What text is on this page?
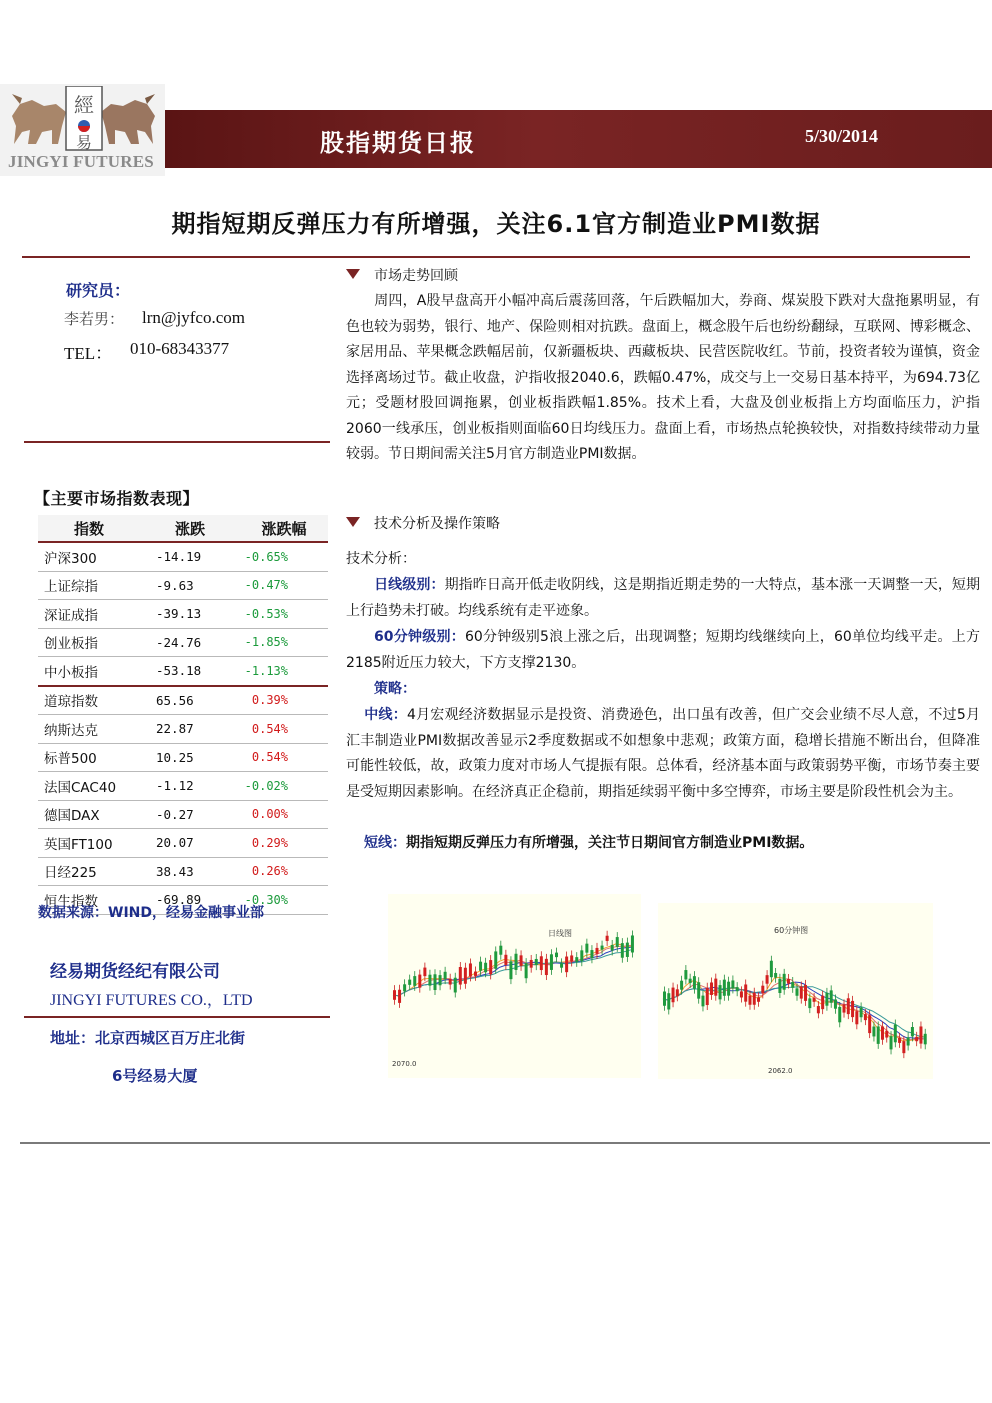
經
易
JINGYI FUTURES
股指期货日报	5/30/2014
期指短期反弹压力有所增强，关注6.1官方制造业PMI数据
研究员：
李若男： lrn@jyfco.com
TEL： 010-68343377
【主要市场指数表现】
指数	涨跌	涨跌幅
沪深300	-14.19	-0.65%
上证综指	-9.63	-0.47%
深证成指	-39.13	-0.53%
创业板指	-24.76	-1.85%
中小板指	-53.18	-1.13%
道琼指数	65.56	0.39%
纳斯达克	22.87	0.54%
标普500	10.25	0.54%
法国CAC40	-1.12	-0.02%
德国DAX	-0.27	0.00%
英国FT100	20.07	0.29%
日经225	38.43	0.26%
恒生指数	-69.89	-0.30%
数据来源：WIND，经易金融事业部
经易期货经纪有限公司
JINGYI FUTURES CO.，LTD
地址：北京西城区百万庄北街
6号经易大厦
市场走势回顾
周四，A股早盘高开小幅冲高后震荡回落，午后跌幅加大，券商、煤炭股下跌对大盘拖累明显，有色也较为弱势，银行、地产、保险则相对抗跌。盘面上，概念股午后也纷纷翻绿，互联网、博彩概念、家居用品、苹果概念跌幅居前，仅新疆板块、西藏板块、民营医院收红。节前，投资者较为谨慎，资金选择离场过节。截止收盘，沪指收报2040.6，跌幅0.47%，成交与上一交易日基本持平，为694.73亿元；受题材股回调拖累，创业板指跌幅1.85%。技术上看，大盘及创业板指上方均面临压力，沪指2060一线承压，创业板指则面临60日均线压力。盘面上看，市场热点轮换较快，对指数持续带动力量较弱。节日期间需关注5月官方制造业PMI数据。
技术分析及操作策略
技术分析：
日线级别：期指昨日高开低走收阴线，这是期指近期走势的一大特点，基本涨一天调整一天，短期上行趋势未打破。均线系统有走平迹象。
60分钟级别：60分钟级别5浪上涨之后，出现调整；短期均线继续向上，60单位均线平走。上方2185附近压力较大，下方支撑2130。
策略：
中线：4月宏观经济数据显示是投资、消费逊色，出口虽有改善，但广交会业绩不尽人意，不过5月汇丰制造业PMI数据改善显示2季度数据或不如想象中悲观；政策方面，稳增长措施不断出台，但降准可能性较低，故，政策力度对市场人气提振有限。总体看，经济基本面与政策弱势平衡，市场节奏主要是受短期因素影响。在经济真正企稳前，期指延续弱平衡中多空博弈，市场主要是阶段性机会为主。
短线：期指短期反弹压力有所增强，关注节日期间官方制造业PMI数据。
日线图
2070.0
60分钟图
2062.0
